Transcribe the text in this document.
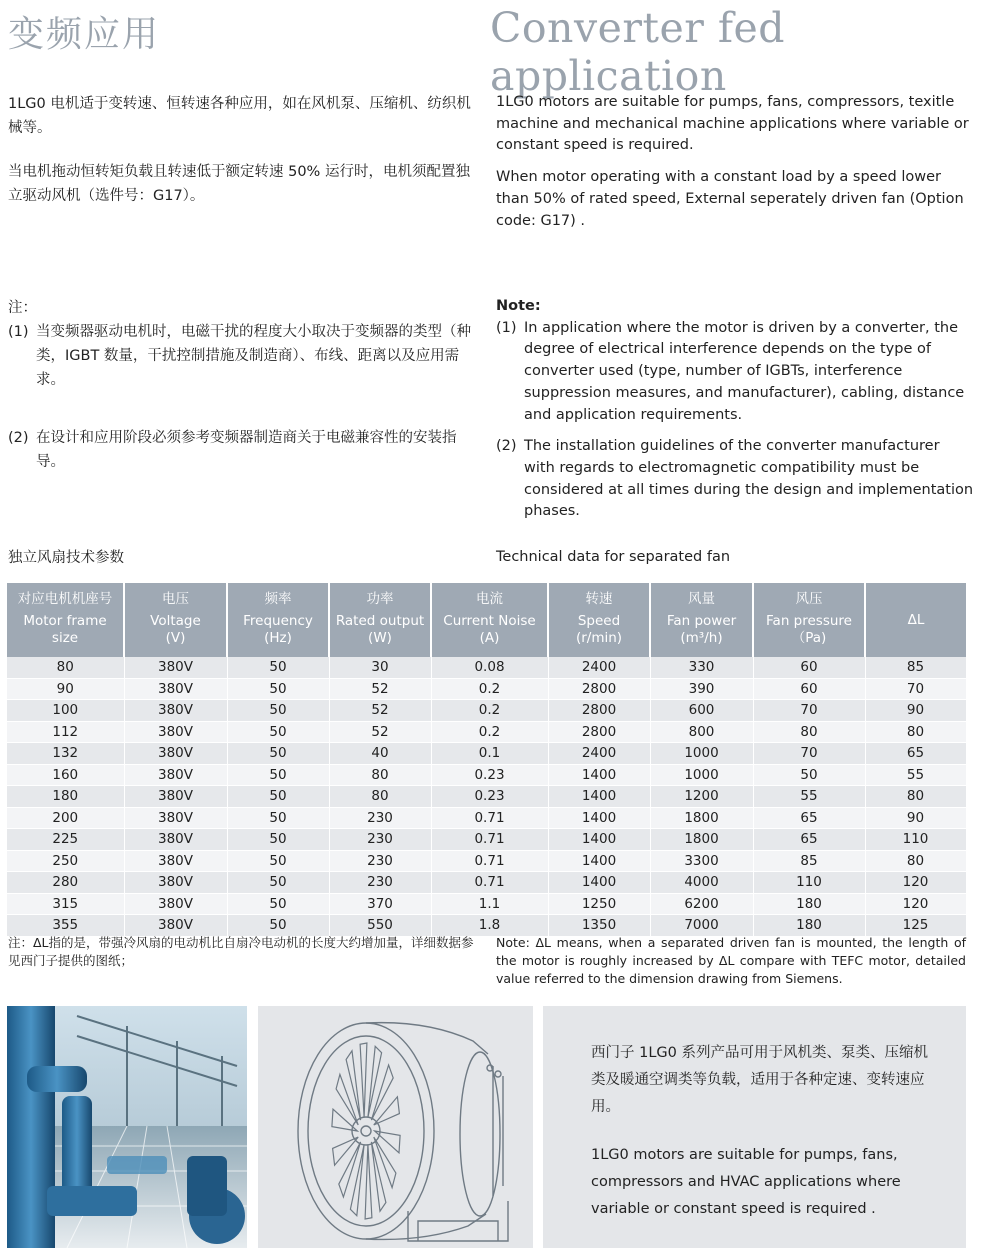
变频应用	Converter fed application

1LG0 电机适于变转速、恒转速各种应用，如在风机泵、压缩机、纺织机械等。

当电机拖动恒转矩负载且转速低于额定转速 50% 运行时，电机须配置独立驱动风机（选件号：G17）。

1LG0 motors are suitable for pumps, fans, compressors, texitle machine and mechanical machine applications where variable or constant speed is required.

When motor operating with a constant load by a speed lower than 50% of rated speed, External seperately driven fan (Option code: G17) .

注：
(1) 当变频器驱动电机时，电磁干扰的程度大小取决于变频器的类型（种类，IGBT 数量，干扰控制措施及制造商）、布线、距离以及应用需求。
(2) 在设计和应用阶段必须参考变频器制造商关于电磁兼容性的安装指导。
Note:
(1) In application where the motor is driven by a converter, the degree of electrical interference depends on the type of converter used (type, number of IGBTs, interference suppression measures, and manufacturer), cabling, distance and application requirements.
(2) The installation guidelines of the converter manufacturer with regards to electromagnetic compatibility must be considered at all times during the design and implementation phases.
独立风扇技术参数	Technical data for separated fan
对应电机机座号
Motor frame
size	电压
Voltage
(V)	频率
Frequency
(Hz)	功率
Rated output
(W)	电流
Current Noise
(A)	转速
Speed
(r/min)	风量
Fan power
(m³/h)	风压
Fan pressure
（Pa)	ΔL

80	380V	50	30	0.08	2400	330	60	85
90	380V	50	52	0.2	2800	390	60	70
100	380V	50	52	0.2	2800	600	70	90
112	380V	50	52	0.2	2800	800	80	80
132	380V	50	40	0.1	2400	1000	70	65
160	380V	50	80	0.23	1400	1000	50	55
180	380V	50	80	0.23	1400	1200	55	80
200	380V	50	230	0.71	1400	1800	65	90
225	380V	50	230	0.71	1400	1800	65	110
250	380V	50	230	0.71	1400	3300	85	80
280	380V	50	230	0.71	1400	4000	110	120
315	380V	50	370	1.1	1250	6200	180	120
355	380V	50	550	1.8	1350	7000	180	125
注：ΔL指的是，带强冷风扇的电动机比自扇冷电动机的长度大约增加量，详细数据参见西门子提供的图纸；
Note: ΔL means, when a separated driven fan is mounted, the length of the motor is roughly increased by ΔL compare with TEFC motor, detailed value referred to the dimension drawing from Siemens.
西门子 1LG0 系列产品可用于风机类、泵类、压缩机类及暖通空调类等负载，适用于各种定速、变转速应用。
1LG0 motors are suitable for pumps, fans, compressors and HVAC applications where variable or constant speed is required .
